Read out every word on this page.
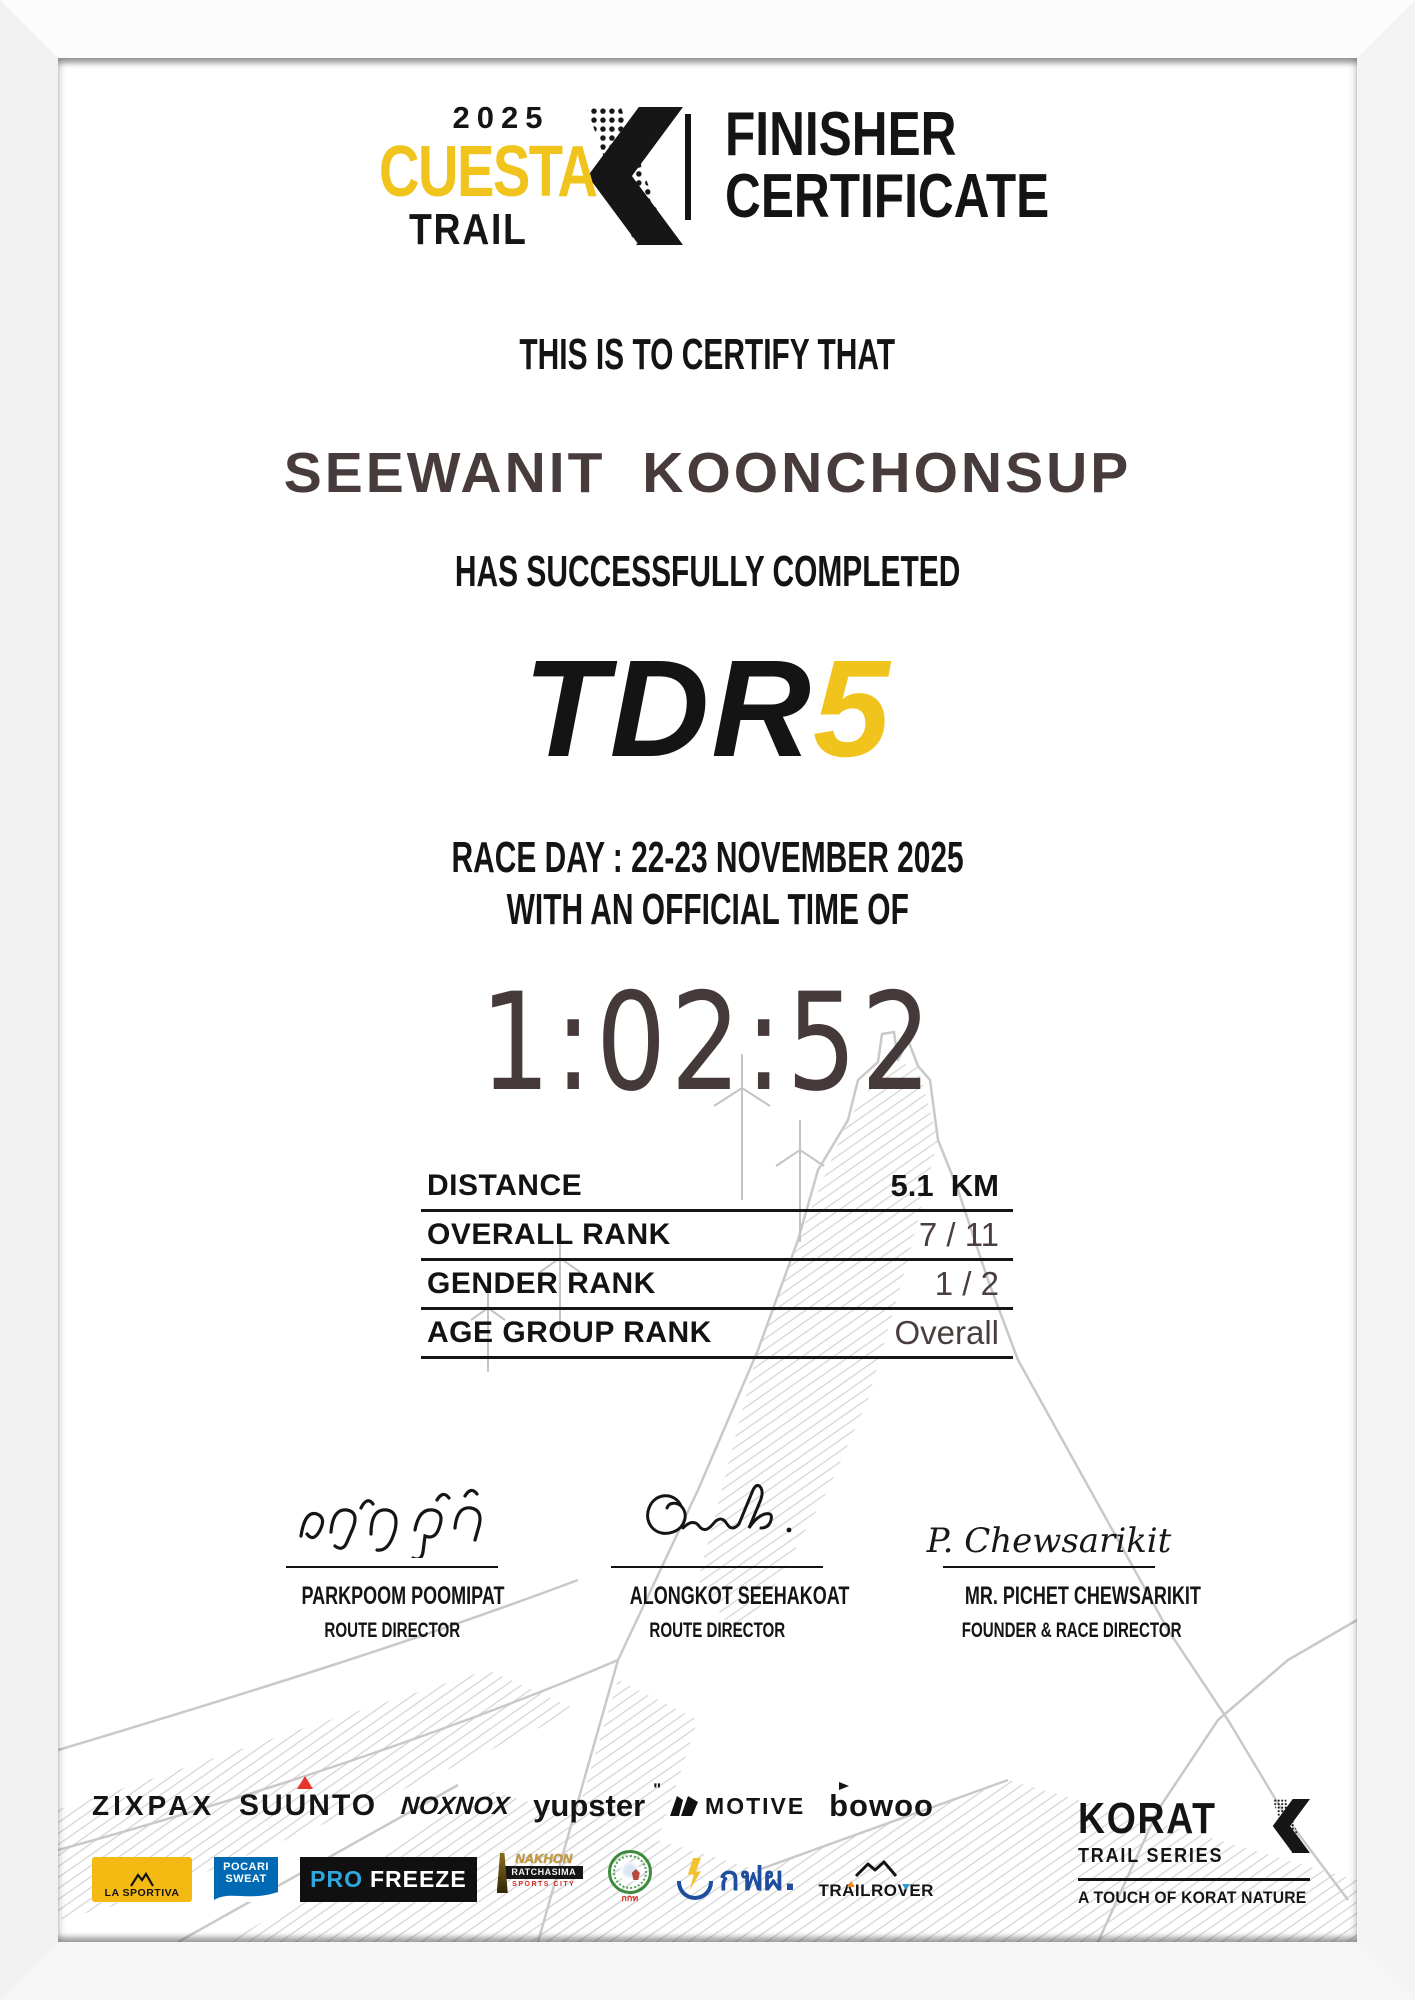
2025
CUESTA
TRAIL
FINISHER
CERTIFICATE
THIS IS TO CERTIFY THAT
SEEWANIT KOONCHONSUP
HAS SUCCESSFULLY COMPLETED
TDR5
RACE DAY : 22-23 NOVEMBER 2025
WITH AN OFFICIAL TIME OF
1:02:52
DISTANCE	5.1  KM
OVERALL RANK	7 / 11
GENDER RANK	1 / 2
AGE GROUP RANK	Overall
PARKPOOM POOMIPAT
ROUTE DIRECTOR
ALONGKOT SEEHAKOAT
ROUTE DIRECTOR
P. Chewsarikit
MR. PICHET CHEWSARIKIT
FOUNDER & RACE DIRECTOR
ZIXPAX SUUNTO NOXNOX yupster ʺ
MOTIVE bowoo
LA SPORTIVA
POCARI
SWEAT PRO FREEZE
NAKHON
RATCHASIMA
SPORTS CITY
กกท	กฟผ. TRAILROVER
KORAT
TRAIL SERIES
A TOUCH OF KORAT NATURE
